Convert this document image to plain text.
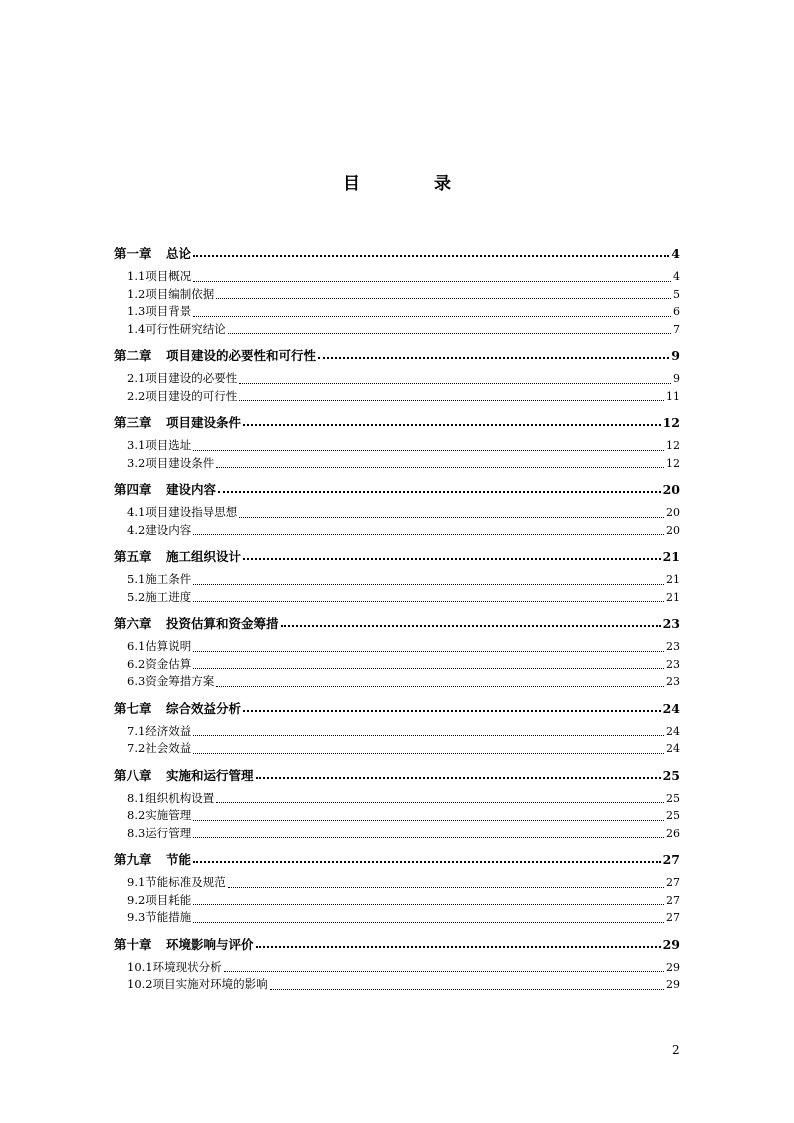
目 录
第一章 总论	4
1.1项目概况	4
1.2项目编制依据	5
1.3项目背景	6
1.4可行性研究结论	7
第二章 项目建设的必要性和可行性	9
2.1项目建设的必要性	9
2.2项目建设的可行性	11
第三章 项目建设条件	12
3.1项目选址	12
3.2项目建设条件	12
第四章 建设内容	20
4.1项目建设指导思想	20
4.2建设内容	20
第五章 施工组织设计	21
5.1施工条件	21
5.2施工进度	21
第六章 投资估算和资金筹措	23
6.1估算说明	23
6.2资金估算	23
6.3资金筹措方案	23
第七章 综合效益分析	24
7.1经济效益	24
7.2社会效益	24
第八章 实施和运行管理	25
8.1组织机构设置	25
8.2实施管理	25
8.3运行管理	26
第九章 节能	27
9.1节能标准及规范	27
9.2项目耗能	27
9.3节能措施	27
第十章 环境影响与评价	29
10.1环境现状分析	29
10.2项目实施对环境的影响	29
2
